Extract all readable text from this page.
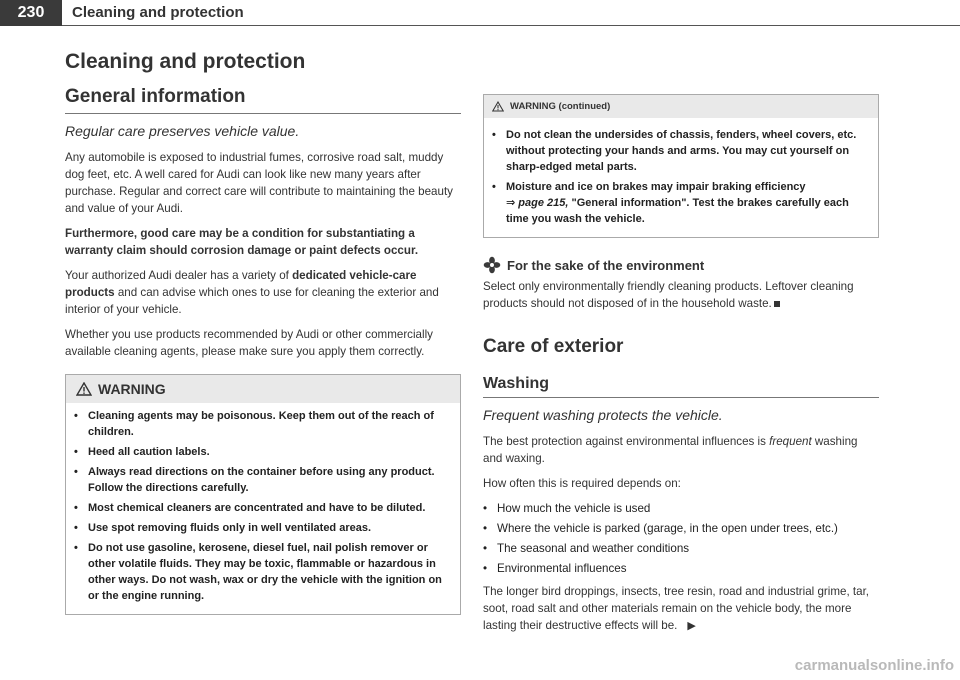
230	Cleaning and protection
Cleaning and protection
General information
Regular care preserves vehicle value.

Any automobile is exposed to industrial fumes, corrosive road salt, muddy dog feet, etc. A well cared for Audi can look like new many years after purchase. Regular and correct care will contribute to maintaining the beauty and value of your Audi.

Furthermore, good care may be a condition for substantiating a warranty claim should corrosion damage or paint defects occur.

Your authorized Audi dealer has a variety of dedicated vehicle-care products and can advise which ones to use for cleaning the exterior and interior of your vehicle.

Whether you use products recommended by Audi or other commercially available cleaning agents, please make sure you apply them correctly.

WARNING
• Cleaning agents may be poisonous. Keep them out of the reach of children.
• Heed all caution labels.
• Always read directions on the container before using any product. Follow the directions carefully.
• Most chemical cleaners are concentrated and have to be diluted.
• Use spot removing fluids only in well ventilated areas.
• Do not use gasoline, kerosene, diesel fuel, nail polish remover or other volatile fluids. They may be toxic, flammable or hazardous in other ways. Do not wash, wax or dry the vehicle with the ignition on or the engine running.
WARNING (continued)
• Do not clean the undersides of chassis, fenders, wheel covers, etc. without protecting your hands and arms. You may cut yourself on sharp-edged metal parts.
• Moisture and ice on brakes may impair braking efficiency
⇒ page 215, "General information". Test the brakes carefully each time you wash the vehicle.
For the sake of the environment

Select only environmentally friendly cleaning products. Leftover cleaning products should not disposed of in the household waste.

Care of exterior
Washing
Frequent washing protects the vehicle.

The best protection against environmental influences is frequent washing and waxing.

How often this is required depends on:

• How much the vehicle is used
• Where the vehicle is parked (garage, in the open under trees, etc.)
• The seasonal and weather conditions
• Environmental influences

The longer bird droppings, insects, tree resin, road and industrial grime, tar, soot, road salt and other materials remain on the vehicle body, the more lasting their destructive effects will be. ▶

carmanualsonline.info
